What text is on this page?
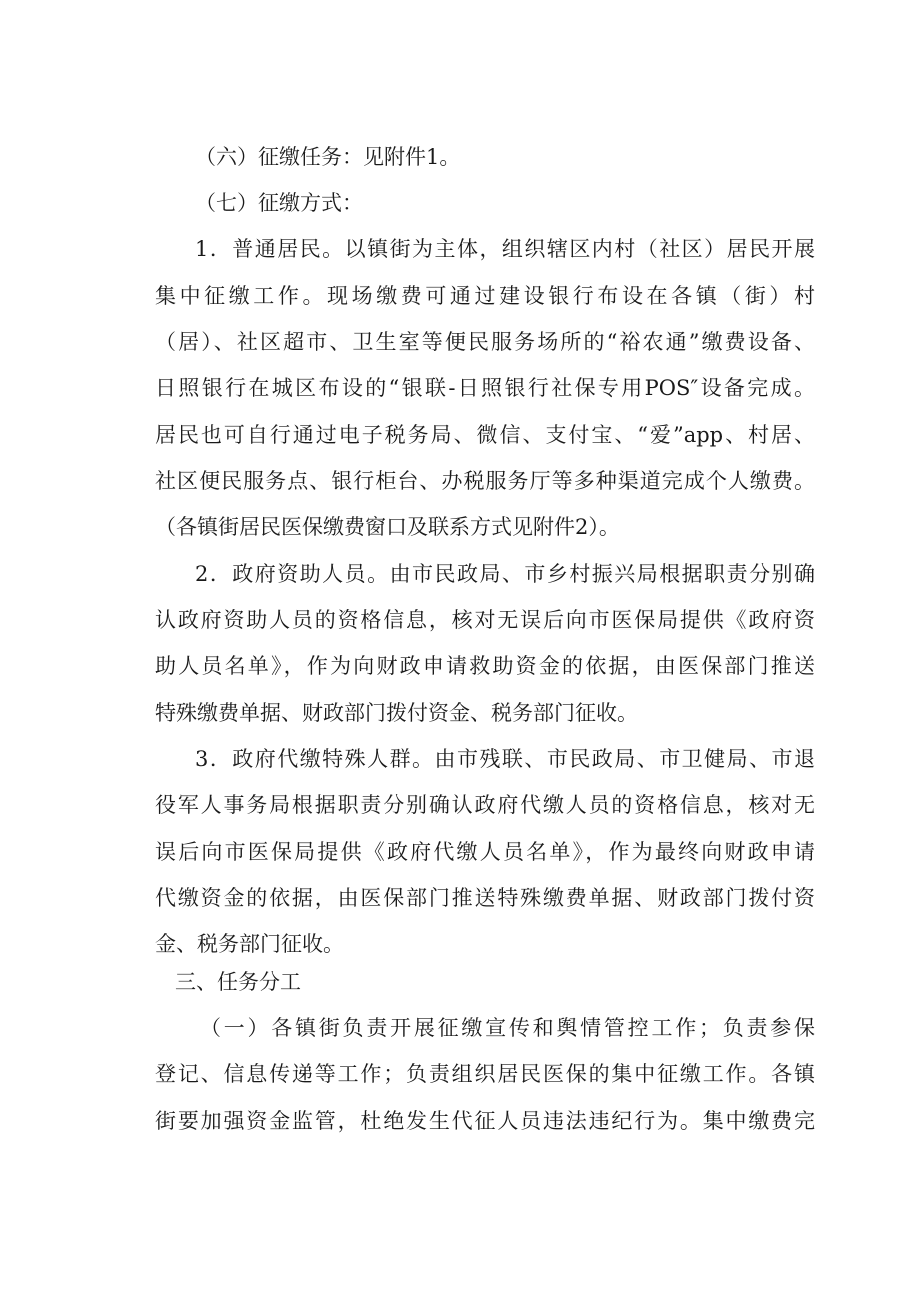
（六）征缴任务：见附件1。
（七）征缴方式：
1．普通居民。以镇街为主体，组织辖区内村（社区）居民开展
集中征缴工作。现场缴费可通过建设银行布设在各镇（街）村
（居）、社区超市、卫生室等便民服务场所的“裕农通”缴费设备、
日照银行在城区布设的“银联-日照银行社保专用POS″设备完成。
居民也可自行通过电子税务局、微信、支付宝、“爱”app、村居、
社区便民服务点、银行柜台、办税服务厅等多种渠道完成个人缴费。
（各镇街居民医保缴费窗口及联系方式见附件2）。
2．政府资助人员。由市民政局、市乡村振兴局根据职责分别确
认政府资助人员的资格信息，核对无误后向市医保局提供《政府资
助人员名单》，作为向财政申请救助资金的依据，由医保部门推送
特殊缴费单据、财政部门拨付资金、税务部门征收。
3．政府代缴特殊人群。由市残联、市民政局、市卫健局、市退
役军人事务局根据职责分别确认政府代缴人员的资格信息，核对无
误后向市医保局提供《政府代缴人员名单》，作为最终向财政申请
代缴资金的依据，由医保部门推送特殊缴费单据、财政部门拨付资
金、税务部门征收。
三、任务分工
（一）各镇街负责开展征缴宣传和舆情管控工作；负责参保
登记、信息传递等工作；负责组织居民医保的集中征缴工作。各镇
街要加强资金监管，杜绝发生代征人员违法违纪行为。集中缴费完
